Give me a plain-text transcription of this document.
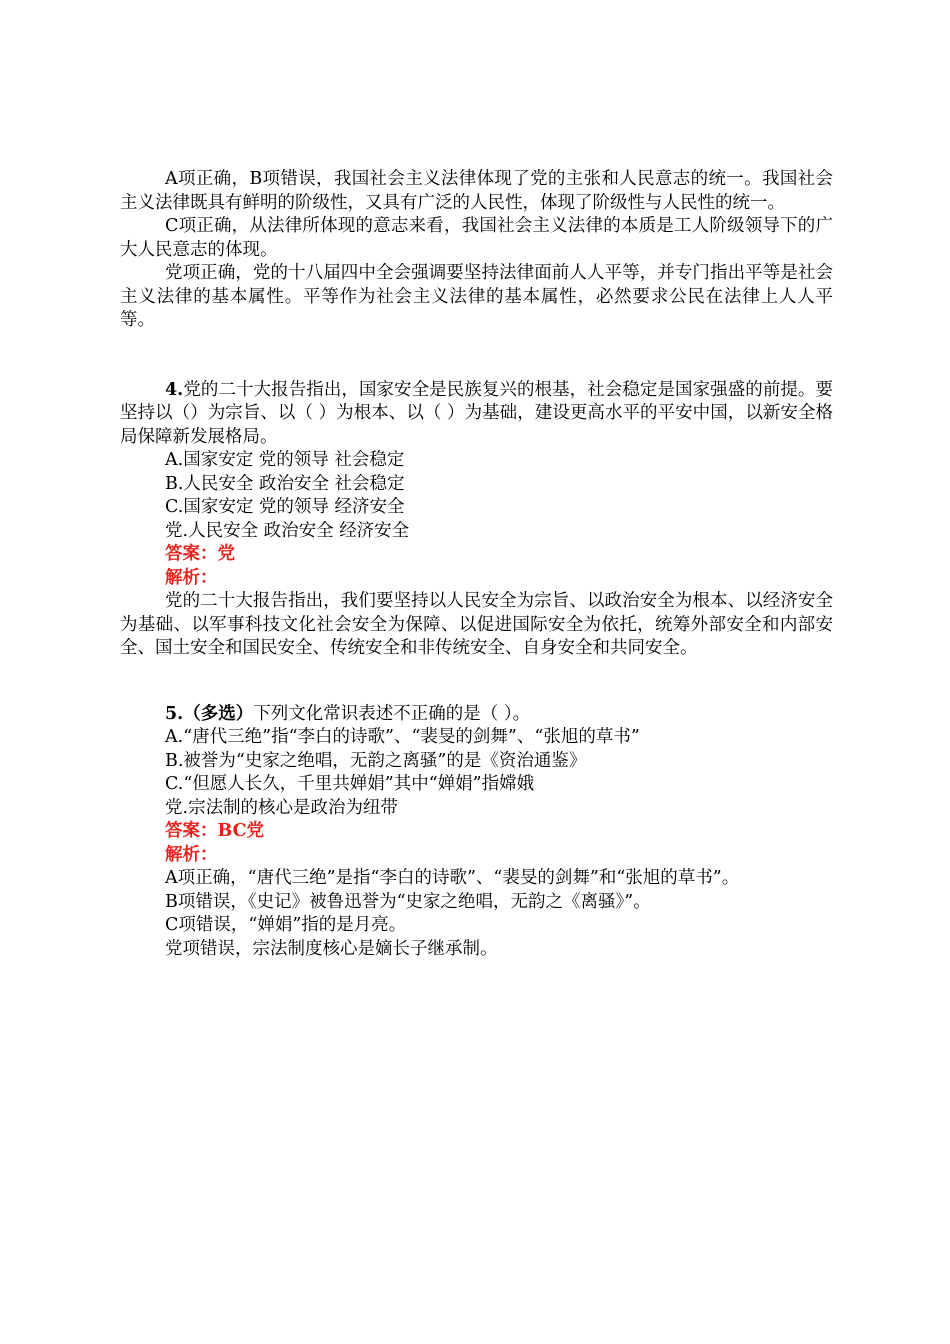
A项正确，B项错误，我国社会主义法律体现了党的主张和人民意志的统一。我国社会主义法律既具有鲜明的阶级性，又具有广泛的人民性，体现了阶级性与人民性的统一。

C项正确，从法律所体现的意志来看，我国社会主义法律的本质是工人阶级领导下的广大人民意志的体现。

党项正确，党的十八届四中全会强调要坚持法律面前人人平等，并专门指出平等是社会主义法律的基本属性。平等作为社会主义法律的基本属性，必然要求公民在法律上人人平等。

4.党的二十大报告指出，国家安全是民族复兴的根基，社会稳定是国家强盛的前提。要坚持以（）为宗旨、以（ ）为根本、以（ ）为基础，建设更高水平的平安中国，以新安全格局保障新发展格局。

A.国家安定 党的领导 社会稳定

B.人民安全 政治安全 社会稳定

C.国家安定 党的领导 经济安全

党.人民安全 政治安全 经济安全

答案：党

解析：

党的二十大报告指出，我们要坚持以人民安全为宗旨、以政治安全为根本、以经济安全为基础、以军事科技文化社会安全为保障、以促进国际安全为依托，统筹外部安全和内部安全、国土安全和国民安全、传统安全和非传统安全、自身安全和共同安全。

5.（多选）下列文化常识表述不正确的是（ ）。

A.“唐代三绝”指“李白的诗歌”、“裴旻的剑舞”、“张旭的草书”

B.被誉为“史家之绝唱，无韵之离骚”的是《资治通鉴》

C.“但愿人长久，千里共婵娟”其中“婵娟”指嫦娥

党.宗法制的核心是政治为纽带

答案：BC党

解析：

A项正确，“唐代三绝”是指“李白的诗歌”、“裴旻的剑舞”和“张旭的草书”。

B项错误，《史记》被鲁迅誉为“史家之绝唱，无韵之《离骚》”。

C项错误，“婵娟”指的是月亮。

党项错误，宗法制度核心是嫡长子继承制。
